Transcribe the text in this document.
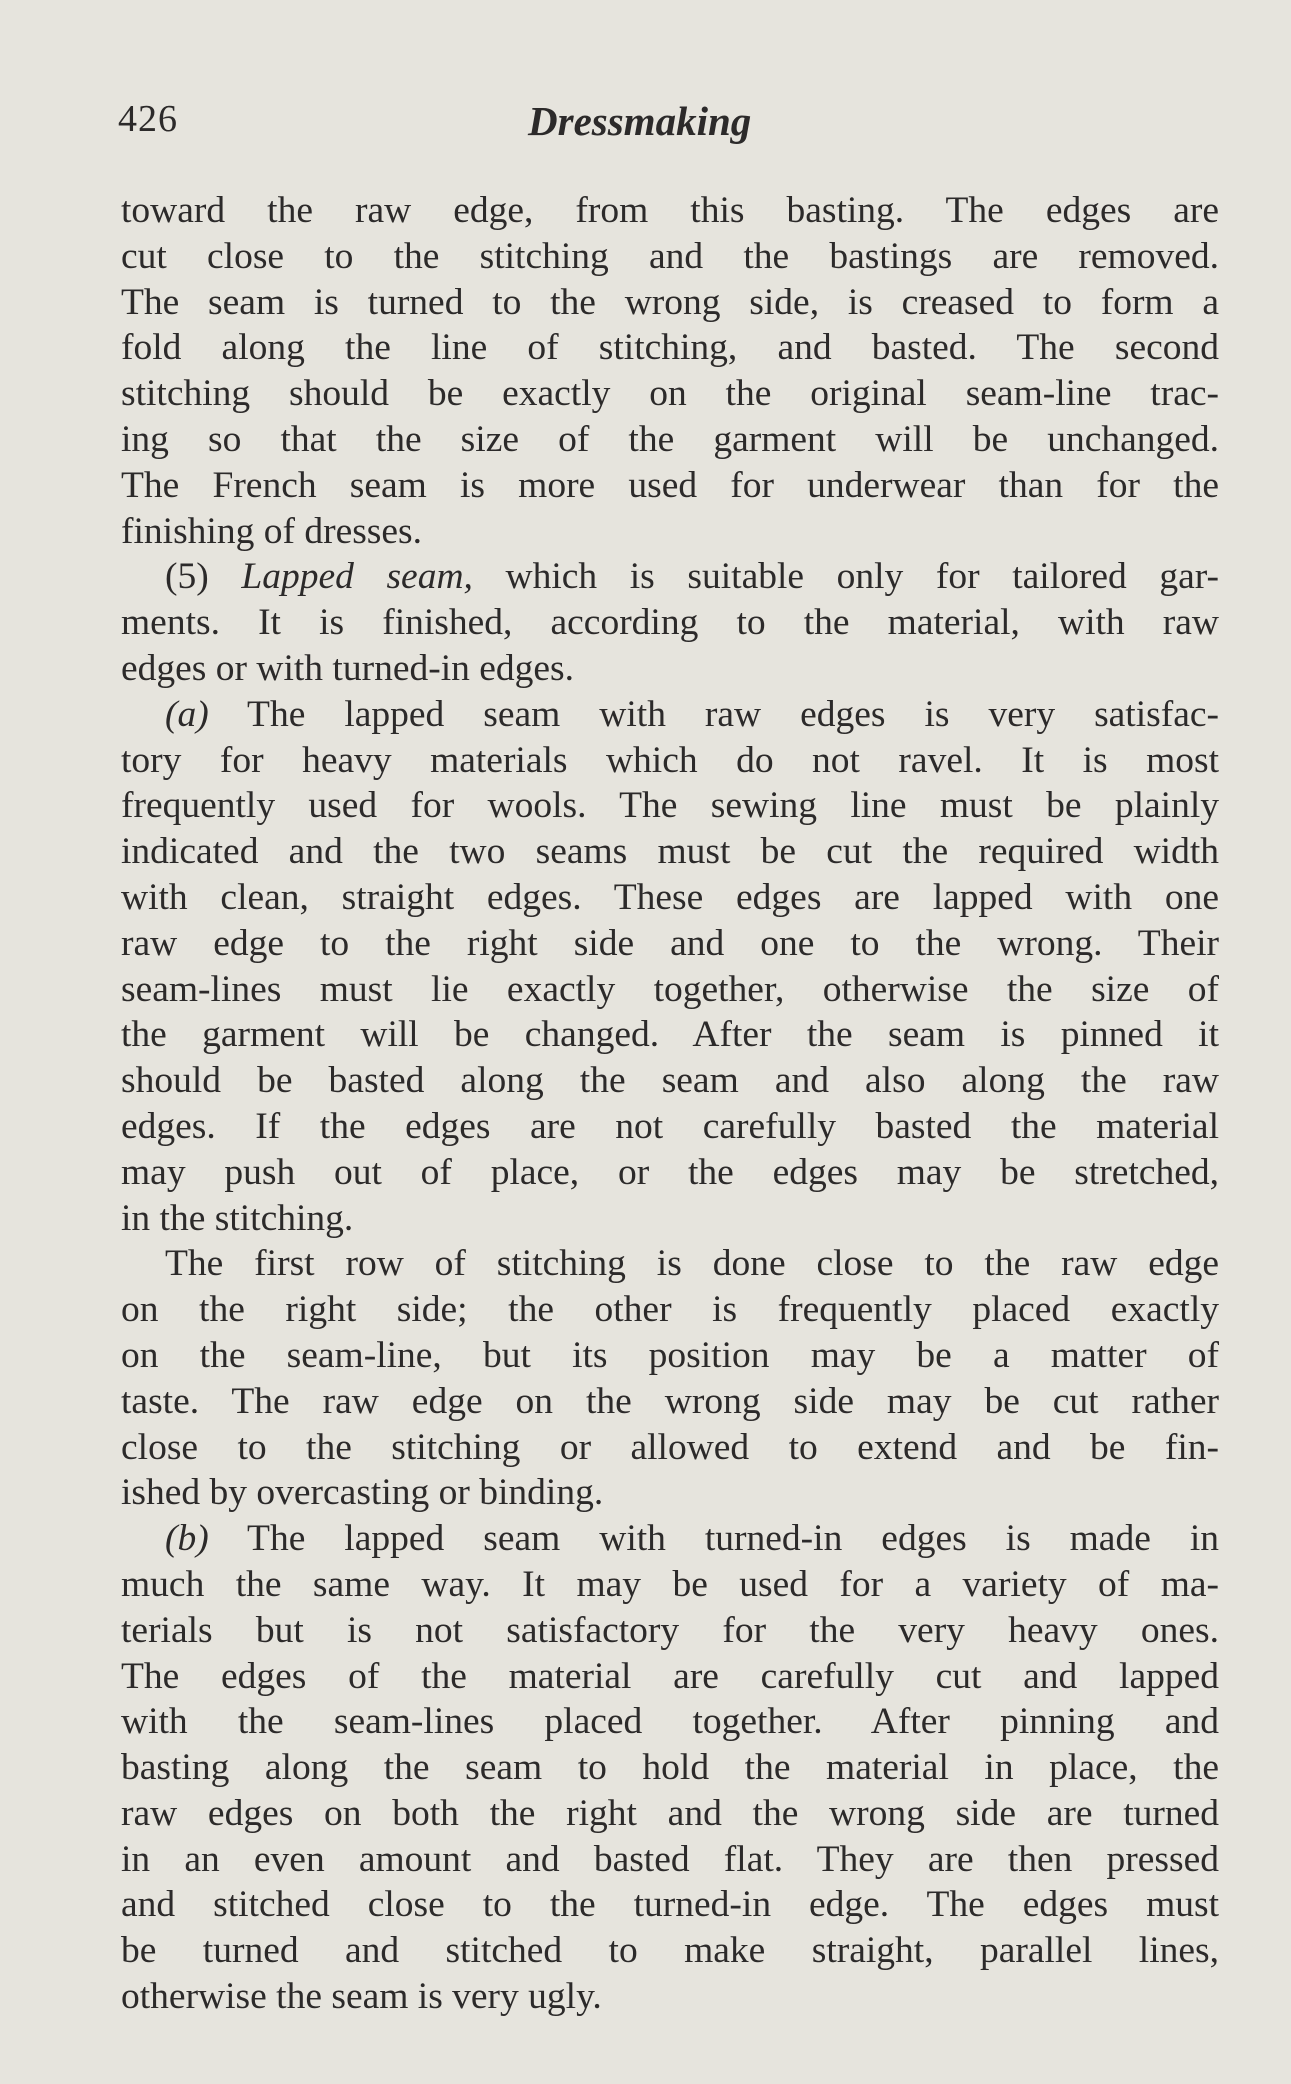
426	Dressmaking
toward the raw edge, from this basting. The edges are
cut close to the stitching and the bastings are removed.
The seam is turned to the wrong side, is creased to form a
fold along the line of stitching, and basted. The second
stitching should be exactly on the original seam-line trac-
ing so that the size of the garment will be unchanged.
The French seam is more used for underwear than for the
finishing of dresses.
(5) Lapped seam, which is suitable only for tailored gar-
ments. It is finished, according to the material, with raw
edges or with turned-in edges.
(a) The lapped seam with raw edges is very satisfac-
tory for heavy materials which do not ravel. It is most
frequently used for wools. The sewing line must be plainly
indicated and the two seams must be cut the required width
with clean, straight edges. These edges are lapped with one
raw edge to the right side and one to the wrong. Their
seam-lines must lie exactly together, otherwise the size of
the garment will be changed. After the seam is pinned it
should be basted along the seam and also along the raw
edges. If the edges are not carefully basted the material
may push out of place, or the edges may be stretched,
in the stitching.
The first row of stitching is done close to the raw edge
on the right side; the other is frequently placed exactly
on the seam-line, but its position may be a matter of
taste. The raw edge on the wrong side may be cut rather
close to the stitching or allowed to extend and be fin-
ished by overcasting or binding.
(b) The lapped seam with turned-in edges is made in
much the same way. It may be used for a variety of ma-
terials but is not satisfactory for the very heavy ones.
The edges of the material are carefully cut and lapped
with the seam-lines placed together. After pinning and
basting along the seam to hold the material in place, the
raw edges on both the right and the wrong side are turned
in an even amount and basted flat. They are then pressed
and stitched close to the turned-in edge. The edges must
be turned and stitched to make straight, parallel lines,
otherwise the seam is very ugly.
